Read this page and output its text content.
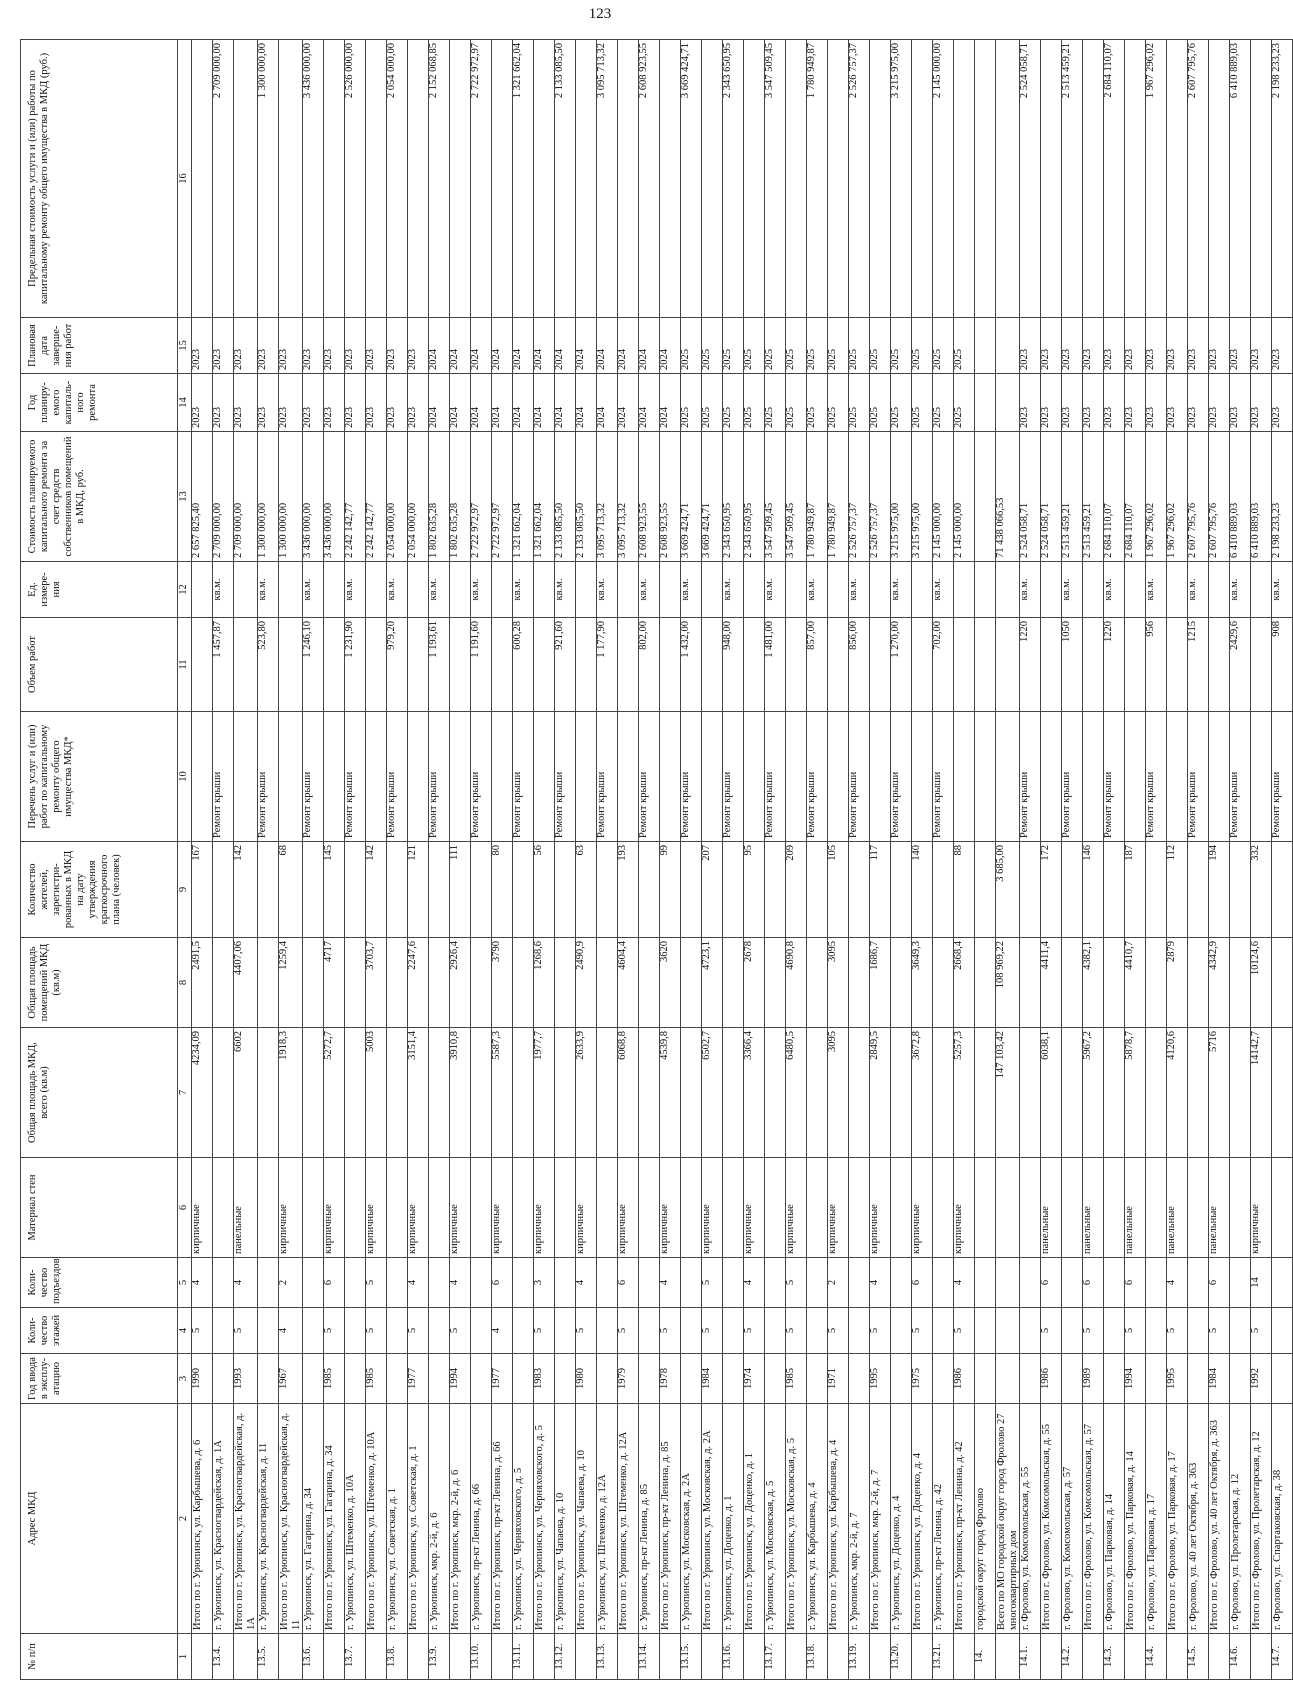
123
№ п/п	Адрес МКД	Год ввода в эксплу-атацию	Коли-чество этажей	Коли-чество подъездов	Материал стен	Общая площадь МКД, всего (кв.м)	Общая площадь помещений МКД (кв.м)	Количество жителей, зарегистри-рованных в МКД на дату утверждения краткосрочного плана (человек)	Перечень услуг и (или) работ по капитальному ремонту общего имущества МКД*	Объем работ	Ед. измере-ния	Стоимость планируемого капитального ремонта за счет средств собственников помещений в МКД, руб.	Год планиру-емого капиталь-ного ремонта	Плановая дата заверше-ния работ	Предельная стоимость услуги и (или) работы по капитальному ремонту общего имущества в МКД (руб.)
1	2	3	4	5	6	7	8	9	10	11	12	13	14	15	16
	Итого по г. Урюпинск, ул. Карбышева, д. 6	1990	5	4	кирпичные	4234,09	2491,5	167				2 657 825,40	2023	2023	
13.4.	г. Урюпинск, ул. Красногвардейская, д. 1А								Ремонт крыши	1 457,87	кв.м.	2 709 000,00	2023	2023	2 709 000,00
	Итого по г. Урюпинск, ул. Красногвардейская, д. 1А	1993	5	4	панельные	6602	4407,06	142				2 709 000,00	2023	2023	
13.5.	г. Урюпинск, ул. Красногвардейская, д. 11								Ремонт крыши	523,80	кв.м.	1 300 000,00	2023	2023	1 300 000,00
	Итого по г. Урюпинск, ул. Красногвардейская, д. 11	1967	4	2	кирпичные	1918,3	1259,4	68				1 300 000,00	2023	2023	
13.6.	г. Урюпинск, ул. Гагарина, д. 34								Ремонт крыши	1 246,10	кв.м.	3 436 000,00	2023	2023	3 436 000,00
	Итого по г. Урюпинск, ул. Гагарина, д. 34	1985	5	6	кирпичные	5272,7	4717	145				3 436 000,00	2023	2023	
13.7.	г. Урюпинск, ул. Штеменко, д. 10А								Ремонт крыши	1 231,90	кв.м.	2 242 142,77	2023	2023	2 526 000,00
	Итого по г. Урюпинск, ул. Штеменко, д. 10А	1985	5	5	кирпичные	5003	3703,7	142				2 242 142,77	2023	2023	
13.8.	г. Урюпинск, ул. Советская, д. 1								Ремонт крыши	979,20	кв.м.	2 054 000,00	2023	2023	2 054 000,00
	Итого по г. Урюпинск, ул. Советская, д. 1	1977	5	4	кирпичные	3151,4	2247,6	121				2 054 000,00	2023	2023	
13.9.	г. Урюпинск, мкр. 2-й, д. 6								Ремонт крыши	1 193,61	кв.м.	1 802 635,28	2024	2024	2 152 068,85
	Итого по г. Урюпинск, мкр. 2-й, д. 6	1994	5	4	кирпичные	3910,8	2926,4	111				1 802 635,28	2024	2024	
13.10.	г. Урюпинск, пр-кт Ленина, д. 66								Ремонт крыши	1 191,60	кв.м.	2 722 972,97	2024	2024	2 722 972,97
	Итого по г. Урюпинск, пр-кт Ленина, д. 66	1977	4	6	кирпичные	5587,3	3790	80				2 722 972,97	2024	2024	
13.11.	г. Урюпинск, ул. Черняховского, д. 5								Ремонт крыши	600,28	кв.м.	1 321 662,04	2024	2024	1 321 662,04
	Итого по г. Урюпинск, ул. Черняховского, д. 5	1983	5	3	кирпичные	1977,7	1268,6	56				1 321 662,04	2024	2024	
13.12.	г. Урюпинск, ул. Чапаева, д. 10								Ремонт крыши	921,60	кв.м.	2 133 085,50	2024	2024	2 133 085,50
	Итого по г. Урюпинск, ул. Чапаева, д. 10	1980	5	4	кирпичные	2633,9	2490,9	63				2 133 085,50	2024	2024	
13.13.	г. Урюпинск, ул. Штеменко, д. 12А								Ремонт крыши	1 177,90	кв.м.	3 095 713,32	2024	2024	3 095 713,32
	Итого по г. Урюпинск, ул. Штеменко, д. 12А	1979	5	6	кирпичные	6068,8	4604,4	193				3 095 713,32	2024	2024	
13.14.	г. Урюпинск, пр-кт Ленина, д. 85								Ремонт крыши	802,00	кв.м.	2 608 923,55	2024	2024	2 608 923,55
	Итого по г. Урюпинск, пр-кт Ленина, д. 85	1978	5	4	кирпичные	4539,8	3620	99				2 608 923,55	2024	2024	
13.15.	г. Урюпинск, ул. Московская, д. 2А								Ремонт крыши	1 432,00	кв.м.	3 669 424,71	2025	2025	3 669 424,71
	Итого по г. Урюпинск, ул. Московская, д. 2А	1984	5	5	кирпичные	6502,7	4723,1	207				3 669 424,71	2025	2025	
13.16.	г. Урюпинск, ул. Доценко, д. 1								Ремонт крыши	948,00	кв.м.	2 343 650,95	2025	2025	2 343 650,95
	Итого по г. Урюпинск, ул. Доценко, д. 1	1974	5	4	кирпичные	3366,4	2678	95				2 343 650,95	2025	2025	
13.17.	г. Урюпинск, ул. Московская, д. 5								Ремонт крыши	1 481,00	кв.м.	3 547 509,45	2025	2025	3 547 509,45
	Итого по г. Урюпинск, ул. Московская, д. 5	1985	5	5	кирпичные	6480,5	4690,8	209				3 547 509,45	2025	2025	
13.18.	г. Урюпинск, ул. Карбышева, д. 4								Ремонт крыши	857,00	кв.м.	1 780 949,87	2025	2025	1 780 949,87
	Итого по г. Урюпинск, ул. Карбышева, д. 4	1971	5	2	кирпичные	3095	3095	105				1 780 949,87	2025	2025	
13.19.	г. Урюпинск, мкр. 2-й, д. 7								Ремонт крыши	856,00	кв.м.	2 526 757,37	2025	2025	2 526 757,37
	Итого по г. Урюпинск, мкр. 2-й, д. 7	1995	5	4	кирпичные	2849,5	1686,7	117				2 526 757,37	2025	2025	
13.20.	г. Урюпинск, ул. Доценко, д. 4								Ремонт крыши	1 270,00	кв.м.	3 215 975,00	2025	2025	3 215 975,00
	Итого по г. Урюпинск, ул. Доценко, д. 4	1975	5	6	кирпичные	3672,8	3649,3	140				3 215 975,00	2025	2025	
13.21.	г. Урюпинск, пр-кт Ленина, д. 42								Ремонт крыши	702,00	кв.м.	2 145 000,00	2025	2025	2 145 000,00
	Итого по г. Урюпинск, пр-кт Ленина, д. 42	1986	5	4	кирпичные	5257,3	2668,4	88				2 145 000,00	2025	2025	
14.	городской округ город Фролово														
	Всего по МО городской округ город Фролово 27 многоквартирных дом					147 103,42	108 969,22	3 685,00				71 438 066,53			
14.1.	г. Фролово, ул. Комсомольская, д. 55								Ремонт крыши	1220	кв.м.	2 524 058,71	2023	2023	2 524 058,71
	Итого по г. Фролово, ул. Комсомольская, д. 55	1986	5	6	панельные	6038,1	4411,4	172				2 524 058,71	2023	2023	
14.2.	г. Фролово, ул. Комсомольская, д. 57								Ремонт крыши	1050	кв.м.	2 513 459,21	2023	2023	2 513 459,21
	Итого по г. Фролово, ул. Комсомольская, д. 57	1989	5	6	панельные	5967,2	4382,1	146				2 513 459,21	2023	2023	
14.3.	г. Фролово, ул. Парковая, д. 14								Ремонт крыши	1220	кв.м.	2 684 110,07	2023	2023	2 684 110,07
	Итого по г. Фролово, ул. Парковая, д. 14	1994	5	6	панельные	5878,7	4410,7	187				2 684 110,07	2023	2023	
14.4.	г. Фролово, ул. Парковая, д. 17								Ремонт крыши	956	кв.м.	1 967 296,02	2023	2023	1 967 296,02
	Итого по г. Фролово, ул. Парковая, д. 17	1995	5	4	панельные	4120,6	2879	112				1 967 296,02	2023	2023	
14.5.	г. Фролово, ул. 40 лет Октября, д. 363								Ремонт крыши	1215	кв.м.	2 607 795,76	2023	2023	2 607 795,76
	Итого по г. Фролово, ул. 40 лет Октября, д. 363	1984	5	6	панельные	5716	4342,9	194				2 607 795,76	2023	2023	
14.6.	г. Фролово, ул. Пролетарская, д. 12								Ремонт крыши	2429,6	кв.м.	6 410 889,03	2023	2023	6 410 889,03
	Итого по г. Фролово, ул. Пролетарская, д. 12	1992	5	14	кирпичные	14142,7	10124,6	332				6 410 889,03	2023	2023	
14.7.	г. Фролово, ул. Спартаковская, д. 38								Ремонт крыши	908	кв.м.	2 198 233,23	2023	2023	2 198 233,23
